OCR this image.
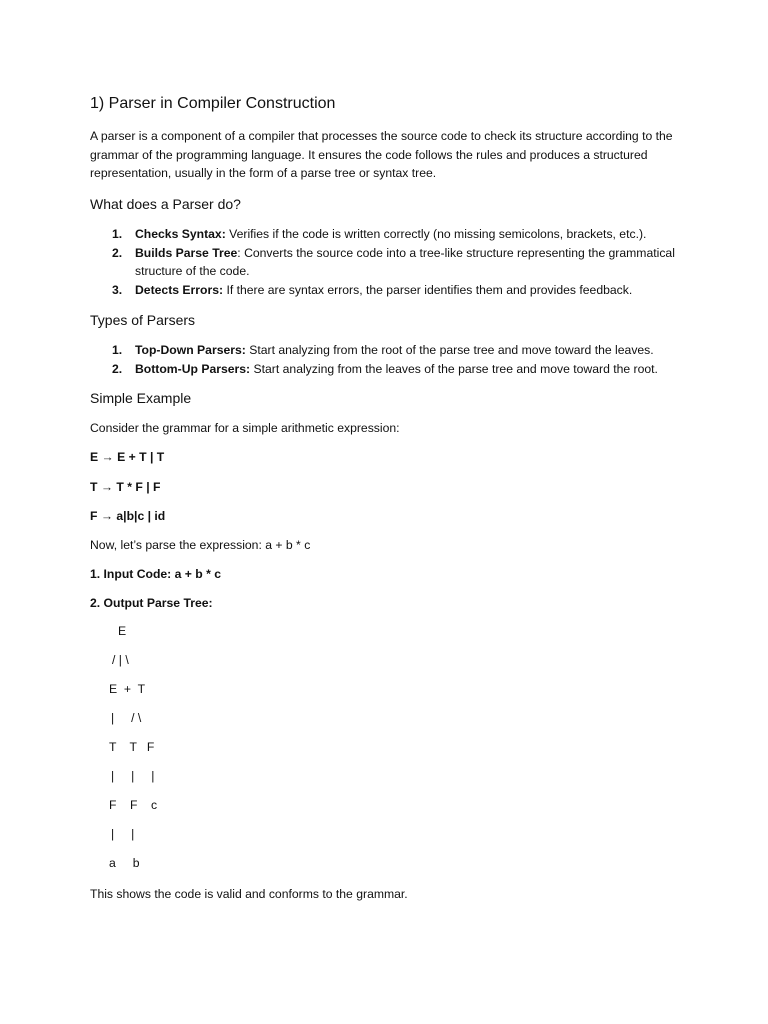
1) Parser in Compiler Construction

A parser is a component of a compiler that processes the source code to check its structure according to the grammar of the programming language. It ensures the code follows the rules and produces a structured representation, usually in the form of a parse tree or syntax tree.

What does a Parser do?
1. Checks Syntax: Verifies if the code is written correctly (no missing semicolons, brackets, etc.).
2. Builds Parse Tree: Converts the source code into a tree-like structure representing the grammatical structure of the code.
3. Detects Errors: If there are syntax errors, the parser identifies them and provides feedback.
Types of Parsers
1. Top-Down Parsers: Start analyzing from the root of the parse tree and move toward the leaves.
2. Bottom-Up Parsers: Start analyzing from the leaves of the parse tree and move toward the root.
Simple Example

Consider the grammar for a simple arithmetic expression:

E → E + T | T

T → T * F | F

F → a|b|c | id

Now, let’s parse the expression: a + b * c

1. Input Code: a + b * c

2. Output Parse Tree:

E
/ | \
E  +  T
|     / \
T    T   F
|     |     |
F    F    c
|     |
a     b

This shows the code is valid and conforms to the grammar.
